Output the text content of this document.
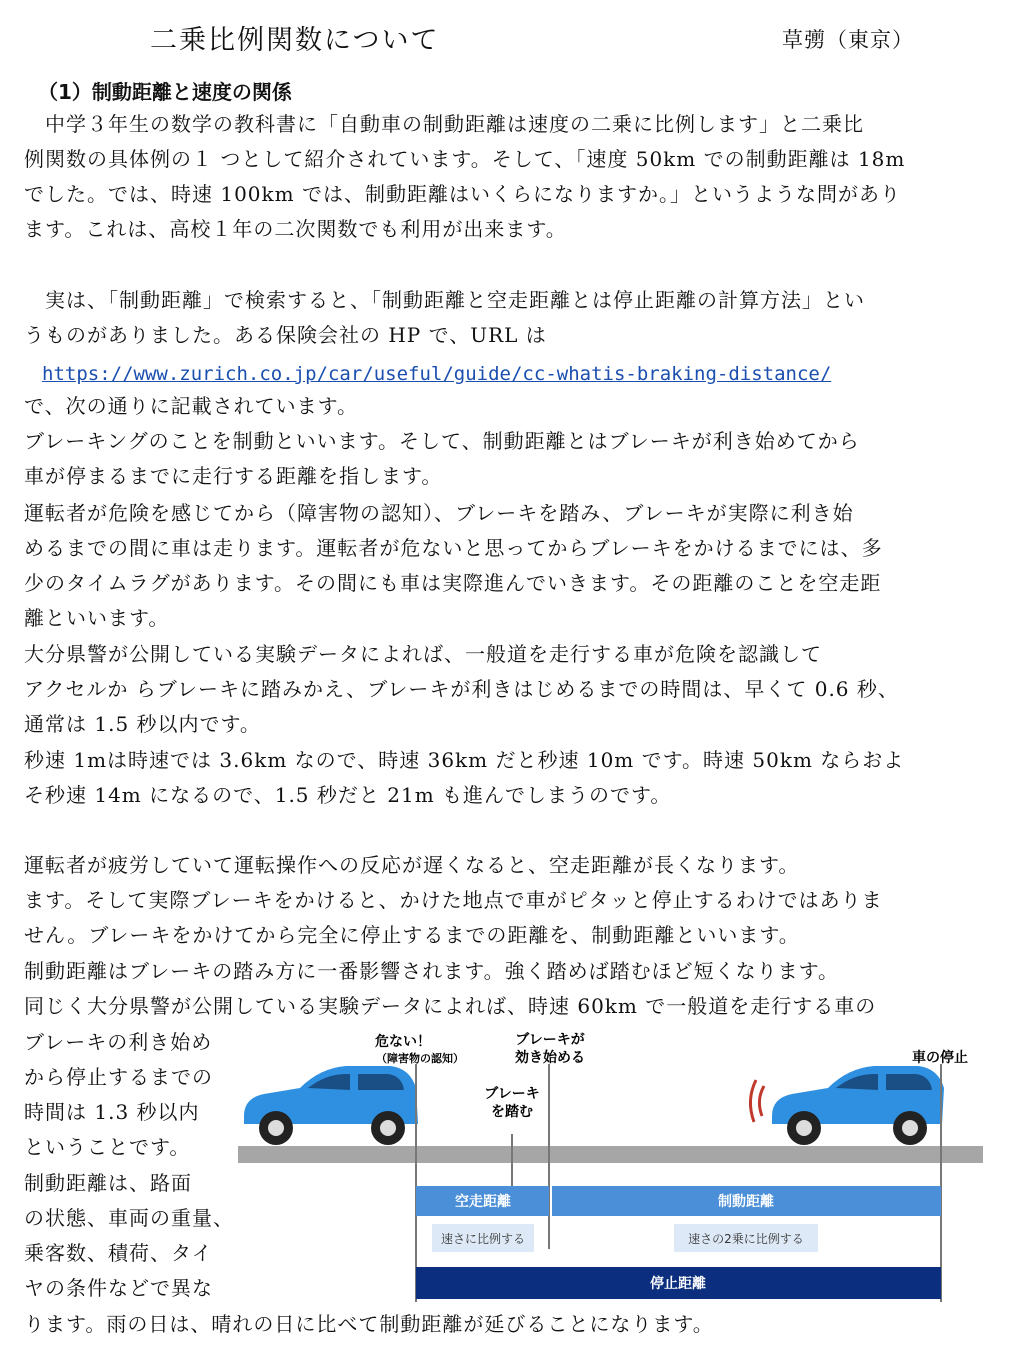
二乗比例関数について	草彅（東京）
（1）制動距離と速度の関係
　中学３年生の数学の教科書に「自動車の制動距離は速度の二乗に比例します」と二乗比
例関数の具体例の１ つとして紹介されています。そして、「速度 50km での制動距離は 18m
でした。では、時速 100km では、制動距離はいくらになりますか。」というような問があり
ます。これは、高校１年の二次関数でも利用が出来ます。
　実は、「制動距離」で検索すると、「制動距離と空走距離とは停止距離の計算方法」とい
うものがありました。ある保険会社の HP で、URL は
https://www.zurich.co.jp/car/useful/guide/cc-whatis-braking-distance/
で、次の通りに記載されています。
ブレーキングのことを制動といいます。そして、制動距離とはブレーキが利き始めてから
車が停まるまでに走行する距離を指します。
運転者が危険を感じてから（障害物の認知）、ブレーキを踏み、ブレーキが実際に利き始
めるまでの間に車は走ります。運転者が危ないと思ってからブレーキをかけるまでには、多
少のタイムラグがあります。その間にも車は実際進んでいきます。その距離のことを空走距
離といいます。
大分県警が公開している実験データによれば、一般道を走行する車が危険を認識して
アクセルか らブレーキに踏みかえ、ブレーキが利きはじめるまでの時間は、早くて 0.6 秒、
通常は 1.5 秒以内です。
秒速 1mは時速では 3.6km なので、時速 36km だと秒速 10m です。時速 50km ならおよ
そ秒速 14m になるので、1.5 秒だと 21m も進んでしまうのです。
運転者が疲労していて運転操作への反応が遅くなると、空走距離が長くなります。
ます。そして実際ブレーキをかけると、かけた地点で車がピタッと停止するわけではありま
せん。ブレーキをかけてから完全に停止するまでの距離を、制動距離といいます。
制動距離はブレーキの踏み方に一番影響されます。強く踏めば踏むほど短くなります。
同じく大分県警が公開している実験データによれば、時速 60km で一般道を走行する車の
ブレーキの利き始め
から停止するまでの
時間は 1.3 秒以内
ということです。
制動距離は、路面
の状態、車両の重量、
乗客数、積荷、タイ
ヤの条件などで異な
ります。雨の日は、晴れの日に比べて制動距離が延びることになります。
危ない！
（障害物の認知）
ブレーキが
効き始める
ブレーキ
を踏む
車の停止
空走距離	制動距離
速さに比例する	速さの2乗に比例する
停止距離
